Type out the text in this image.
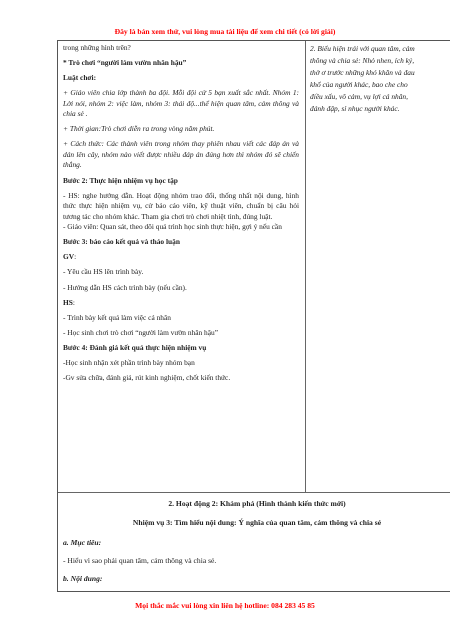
Đây là bản xem thử, vui lòng mua tài liệu để xem chi tiết (có lời giải)

trong những hình trên?

* Trò chơi “người làm vườn nhân hậu”

Luật chơi:

+ Giáo viên chia lớp thành ba đội. Mỗi đội cử 5 bạn xuất sắc nhất. Nhóm 1: Lời nói, nhóm 2: việc làm, nhóm 3: thái độ...thể hiện quan tâm, cảm thông và chia sẻ .

+ Thời gian:Trò chơi diễn ra trong vòng năm phút.

+ Cách thức: Các thành viên trong nhóm thay phiên nhau viết các đáp án và dán lên cây, nhóm nào viết được nhiều đáp án đúng hơn thì nhóm đó sẽ chiến thắng.

Bước 2: Thực hiện nhiệm vụ học tập

- HS: nghe hướng dẫn. Hoạt động nhóm trao đổi, thống nhất nội dung, hình thức thực hiện nhiệm vụ, cử báo cáo viên, kỹ thuật viên, chuẩn bị câu hỏi tương tác cho nhóm khác. Tham gia chơi trò chơi nhiệt tình, đúng luật.

- Giáo viên: Quan sát, theo dõi quá trình học sinh thực hiện, gợi ý nếu cần

Bước 3: báo cáo kết quả và thảo luận

GV:

- Yêu cầu HS lên trình bày.

- Hướng dẫn HS cách trình bày (nếu cần).

HS:

- Trình bày kết quả làm việc cá nhân

- Học sinh chơi trò chơi “người làm vườn nhân hậu”

Bước 4: Đánh giá kết quả thực hiện nhiệm vụ

-Học sinh nhận xét phần trình bày nhóm bạn

-Gv sửa chữa, đánh giá, rút kinh nghiệm, chốt kiến thức.

2. Biểu hiện trái với quan tâm, cảm

thông và chia sẻ: Nhỏ nhen, ích kỷ,

thờ ơ trước những khó khăn và đau

khổ của người khác, bao che cho

điều xấu, vô cảm, vụ lợi cá nhân,

đánh đập, sỉ nhục người khác.

2. Hoạt động 2: Khám phá (Hình thành kiến thức mới)
Nhiệm vụ 3: Tìm hiểu nội dung: Ý nghĩa của quan tâm, cảm thông và chia sẻ
a. Mục tiêu:
- Hiểu vì sao phải quan tâm, cảm thông và chia sẻ.
b. Nội dung:
Mọi thắc mắc vui lòng xin liên hệ hotline: 084 283 45 85
